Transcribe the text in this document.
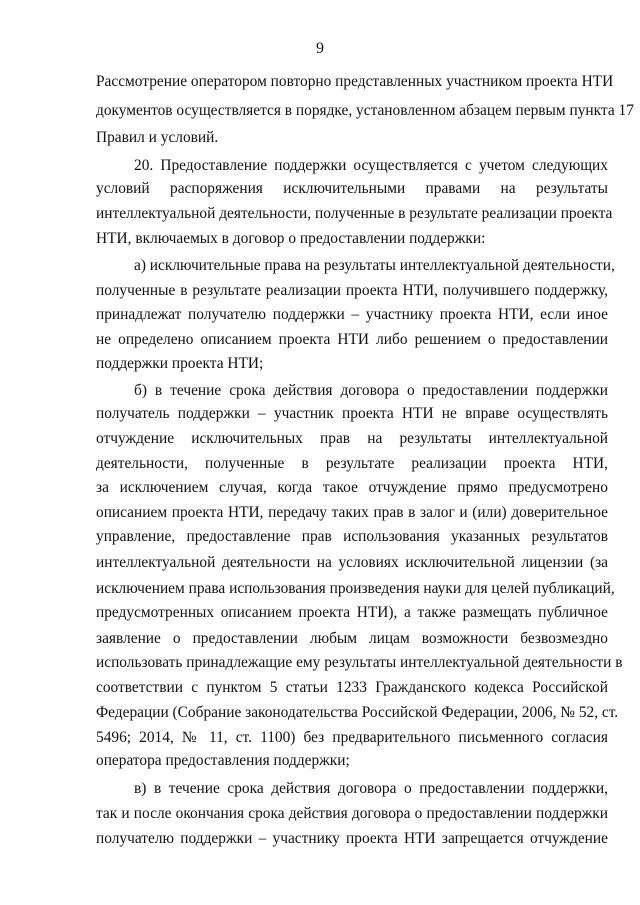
9
Рассмотрение оператором повторно представленных участником проекта НТИ
документов осуществляется в порядке, установленном абзацем первым пункта 17
Правил и условий.
20. Предоставление поддержки осуществляется с учетом следующих
условий распоряжения исключительными правами на результаты
интеллектуальной деятельности, полученные в результате реализации проекта
НТИ, включаемых в договор о предоставлении поддержки:
а) исключительные права на результаты интеллектуальной деятельности,
полученные в результате реализации проекта НТИ, получившего поддержку,
принадлежат получателю поддержки – участнику проекта НТИ, если иное
не определено описанием проекта НТИ либо решением о предоставлении
поддержки проекта НТИ;
б) в течение срока действия договора о предоставлении поддержки
получатель поддержки – участник проекта НТИ не вправе осуществлять
отчуждение исключительных прав на результаты интеллектуальной
деятельности, полученные в результате реализации проекта НТИ,
за исключением случая, когда такое отчуждение прямо предусмотрено
описанием проекта НТИ, передачу таких прав в залог и (или) доверительное
управление, предоставление прав использования указанных результатов
интеллектуальной деятельности на условиях исключительной лицензии (за
исключением права использования произведения науки для целей публикаций,
предусмотренных описанием проекта НТИ), а также размещать публичное
заявление о предоставлении любым лицам возможности безвозмездно
использовать принадлежащие ему результаты интеллектуальной деятельности в
соответствии с пунктом 5 статьи 1233 Гражданского кодекса Российской
Федерации (Собрание законодательства Российской Федерации, 2006, № 52, ст.
5496; 2014, № 11, ст. 1100) без предварительного письменного согласия
оператора предоставления поддержки;
в) в течение срока действия договора о предоставлении поддержки,
так и после окончания срока действия договора о предоставлении поддержки
получателю поддержки – участнику проекта НТИ запрещается отчуждение
